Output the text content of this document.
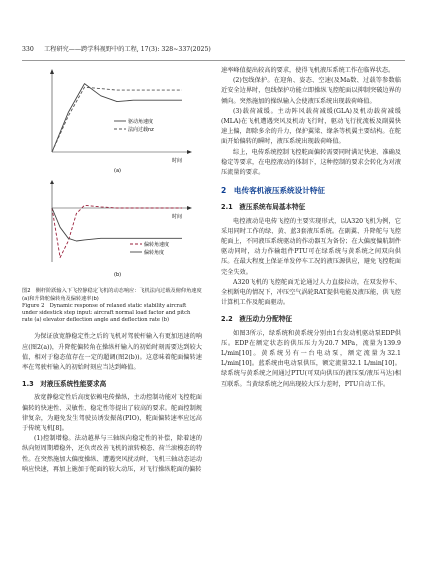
330 工程研究——跨学科视野中的工程, 17(3): 328~337(2025)
驱动角速度
法向过载nz
时间
(a)

偏转角速度
偏转角度
时间
(b)
图2　侧杆阶跃输入下飞控静稳定飞机的动态响应：飞机法向过载及俯仰角速度(a)和升降舵偏转角及偏转速率(b)
Figure 2　Dynamic response of relaxed static stability aircraft under sidestick step input: aircraft normal load factor and pitch rate (a) elevator deflection angle and deflection rate (b)

为保证放宽静稳定性之后的飞机对驾驶杆输入有更加迅速的响应(图2(a))，升降舵偏转角在操纵杆输入的初始时刻需要达到较大值，相对于稳态值存在一定的超调(图2(b))。这意味着舵面偏转速率在驾驶杆输入的初始时刻应当达到峰值。

1.3　对液压系统性能要求高

放宽静稳定性后高度依赖电传操纵，主动控制功能对飞控舵面偏转的快速性、灵敏性、稳定性等提出了较高的要求。舵面控制规律复杂，为避免发生驾驶员诱发振荡(PIO)，舵面偏转速率应远高于传统飞机[8]。

(1)控制增稳。法动越界与三轴纵向稳定性的补偿，除着速的纵向短周期增稳外，还负责改善飞机的滚转模态、荷兰滚模态的特性。在突然施加大偏度操纵、遭遇突风扰动时，飞机三轴动态运动响应快速，再加上施加于舵面的较大动压，对飞行操纵舵面的偏转

速率峰值提出较高的要求，使得飞机液压系统工作在临界状态。

(2)包线保护。在迎角、姿态、空速(及Ma数、过载等参数临近安全边界时，包线保护功能立即操纵飞控舵面以抑制突破边界的倾向。突然施加的操纵输入会使液压系统出现载荷峰值。

(3)载荷减缓。主动阵风载荷减缓(GLA)及机动载荷减缓(MLA)在飞机遭遇突风及机动飞行时，驱动飞行扰流板及副翼快速上偏，卸除多余的升力，保护翼梁、缘条等机翼主要结构。在舵面开始偏转的瞬时，液压系统出现载荷峰值。

综上，电传系统控制飞控舵面偏转需要同时满足快速、准确及稳定等要求，在电控液动的体制下，这种控制的要求会转化为对液压流量的要求。

2　电传客机液压系统设计特征
2.1　液压系统布局基本特征

电控液动是电传飞控的主要实现形式，以A320飞机为例，它采用同时工作的绿、黄、蓝3套液压系统。在副翼、升降舵与飞控舵面上，不同液压系统驱动的作动器互为备份；在大偏度偏航制件驱动同时，动力作输组件PTU可在绿系统与黄系统之间双向供压。在最大程度上保证单发停车工况的液压源供应，避免飞控舵面完全失效。

A320飞机的飞控舵面无论通过人力直接拉动，在双发停车、全机断电的情况下，冲压空气涡轮RAT提供电能及液压能，供飞控计算机工作及舵面驱动。

2.2　液压动力分配特征

如图3所示，绿系统和黄系统分别由1台发动机驱动泵EDP供压。EDP在额定状态的供压压力为20.7 MPa，流量为139.9 L/min[10]。黄系统另有一台电动泵，额定流量为32.1 L/min[10]。蓝系统由电动泵供压，额定流量32.1 L/min[10]。绿系统与黄系统之间通过PTU(可双向供压的液压泵/液压马达)相互联系。当黄绿系统之间出现较大压力差时，PTU自动工作。
